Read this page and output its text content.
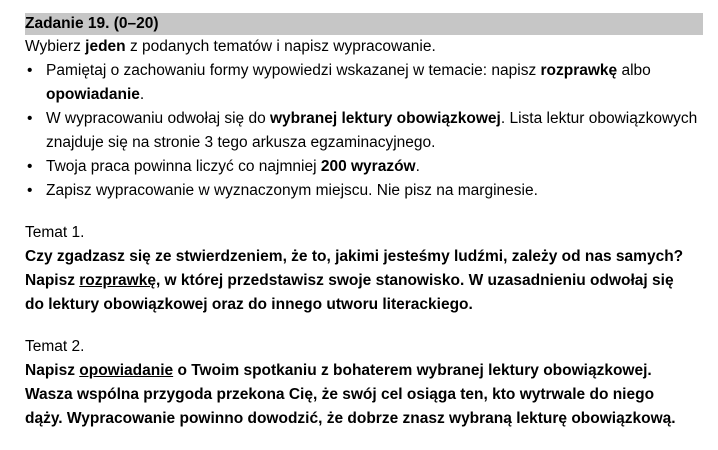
Zadanie 19. (0–20)
Wybierz jeden z podanych tematów i napisz wypracowanie.
• Pamiętaj o zachowaniu formy wypowiedzi wskazanej w temacie: napisz rozprawkę albo opowiadanie.
• W wypracowaniu odwołaj się do wybranej lektury obowiązkowej. Lista lektur obowiązkowych znajduje się na stronie 3 tego arkusza egzaminacyjnego.
• Twoja praca powinna liczyć co najmniej 200 wyrazów.
• Zapisz wypracowanie w wyznaczonym miejscu. Nie pisz na marginesie.
Temat 1.
Czy zgadzasz się ze stwierdzeniem, że to, jakimi jesteśmy ludźmi, zależy od nas samych? Napisz rozprawkę, w której przedstawisz swoje stanowisko. W uzasadnieniu odwołaj się do lektury obowiązkowej oraz do innego utworu literackiego.
Temat 2.
Napisz opowiadanie o Twoim spotkaniu z bohaterem wybranej lektury obowiązkowej. Wasza wspólna przygoda przekona Cię, że swój cel osiąga ten, kto wytrwale do niego dąży. Wypracowanie powinno dowodzić, że dobrze znasz wybraną lekturę obowiązkową.
